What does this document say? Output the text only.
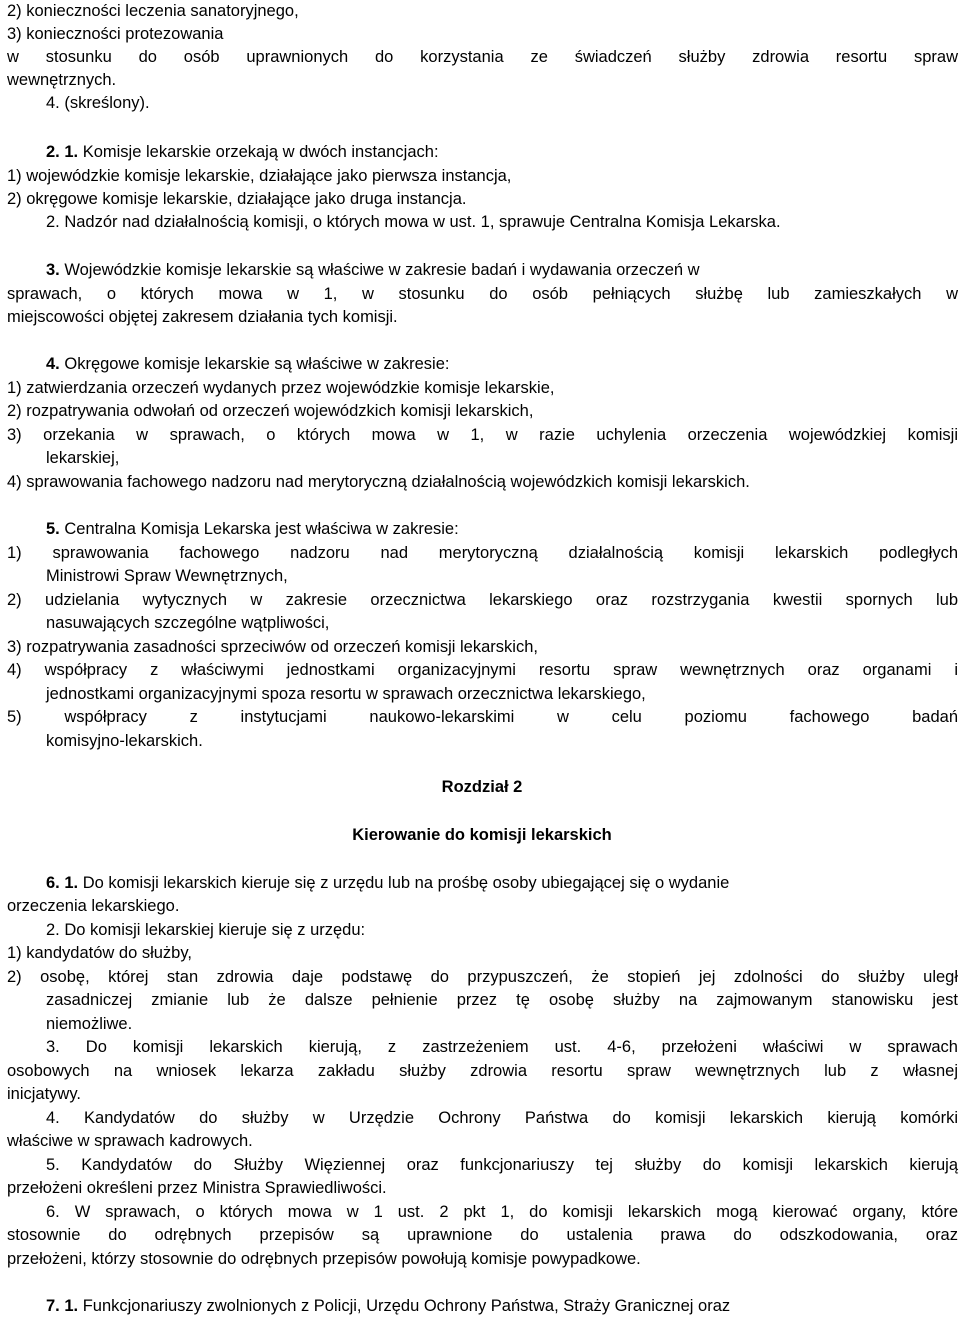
2) konieczności leczenia sanatoryjnego,
3) konieczności protezowania
w stosunku do osób uprawnionych do korzystania ze świadczeń służby zdrowia resortu spraw
wewnętrznych.
4. (skreślony).
2. 1. Komisje lekarskie orzekają w dwóch instancjach:
1) wojewódzkie komisje lekarskie, działające jako pierwsza instancja,
2) okręgowe komisje lekarskie, działające jako druga instancja.
2. Nadzór nad działalnością komisji, o których mowa w ust. 1, sprawuje Centralna Komisja Lekarska.
3. Wojewódzkie komisje lekarskie są właściwe w zakresie badań i wydawania orzeczeń w
sprawach, o których mowa w 1, w stosunku do osób pełniących służbę lub zamieszkałych w
miejscowości objętej zakresem działania tych komisji.
4. Okręgowe komisje lekarskie są właściwe w zakresie:
1) zatwierdzania orzeczeń wydanych przez wojewódzkie komisje lekarskie,
2) rozpatrywania odwołań od orzeczeń wojewódzkich komisji lekarskich,
3) orzekania w sprawach, o których mowa w 1, w razie uchylenia orzeczenia wojewódzkiej komisji
lekarskiej,
4) sprawowania fachowego nadzoru nad merytoryczną działalnością wojewódzkich komisji lekarskich.
5. Centralna Komisja Lekarska jest właściwa w zakresie:
1) sprawowania fachowego nadzoru nad merytoryczną działalnością komisji lekarskich podległych
Ministrowi Spraw Wewnętrznych,
2) udzielania wytycznych w zakresie orzecznictwa lekarskiego oraz rozstrzygania kwestii spornych lub
nasuwających szczególne wątpliwości,
3) rozpatrywania zasadności sprzeciwów od orzeczeń komisji lekarskich,
4) współpracy z właściwymi jednostkami organizacyjnymi resortu spraw wewnętrznych oraz organami i
jednostkami organizacyjnymi spoza resortu w sprawach orzecznictwa lekarskiego,
5) współpracy z instytucjami naukowo-lekarskimi w celu poziomu fachowego badań
komisyjno-lekarskich.
Rozdział 2
Kierowanie do komisji lekarskich
6. 1. Do komisji lekarskich kieruje się z urzędu lub na prośbę osoby ubiegającej się o wydanie
orzeczenia lekarskiego.
2. Do komisji lekarskiej kieruje się z urzędu:
1) kandydatów do służby,
2) osobę, której stan zdrowia daje podstawę do przypuszczeń, że stopień jej zdolności do służby uległ
zasadniczej zmianie lub że dalsze pełnienie przez tę osobę służby na zajmowanym stanowisku jest
niemożliwe.
3. Do komisji lekarskich kierują, z zastrzeżeniem ust. 4-6, przełożeni właściwi w sprawach
osobowych na wniosek lekarza zakładu służby zdrowia resortu spraw wewnętrznych lub z własnej
inicjatywy.
4. Kandydatów do służby w Urzędzie Ochrony Państwa do komisji lekarskich kierują komórki
właściwe w sprawach kadrowych.
5. Kandydatów do Służby Więziennej oraz funkcjonariuszy tej służby do komisji lekarskich kierują
przełożeni określeni przez Ministra Sprawiedliwości.
6. W sprawach, o których mowa w 1 ust. 2 pkt 1, do komisji lekarskich mogą kierować organy, które
stosownie do odrębnych przepisów są uprawnione do ustalenia prawa do odszkodowania, oraz
przełożeni, którzy stosownie do odrębnych przepisów powołują komisje powypadkowe.
7. 1. Funkcjonariuszy zwolnionych z Policji, Urzędu Ochrony Państwa, Straży Granicznej oraz
